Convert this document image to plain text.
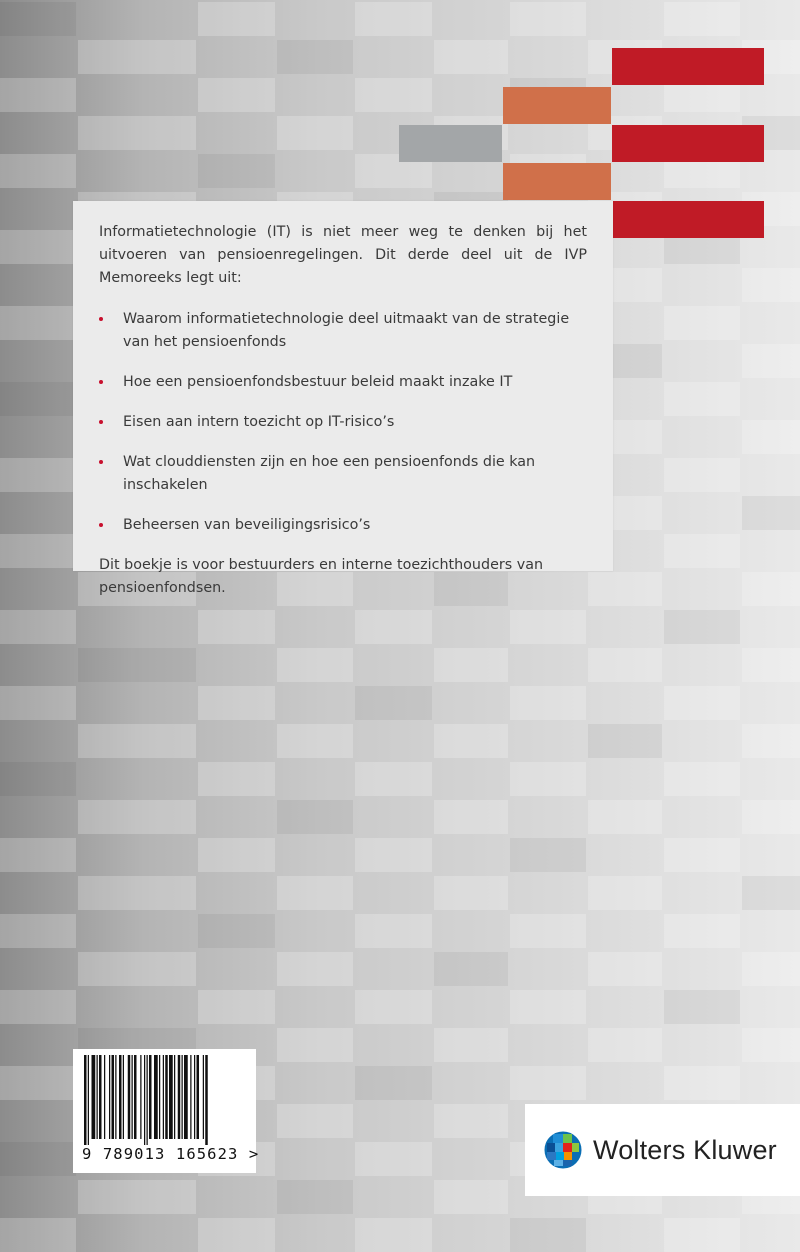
Informatietechnologie (IT) is niet meer weg te denken bij het uitvoeren van pensioenregelingen. Dit derde deel uit de IVP Memoreeks legt uit:

Waarom informatietechnologie deel uitmaakt van de strategie van het pensioenfonds
Hoe een pensioenfondsbestuur beleid maakt inzake IT
Eisen aan intern toezicht op IT-risico’s
Wat clouddiensten zijn en hoe een pensioenfonds die kan inschakelen
Beheersen van beveiligingsrisico’s

Dit boekje is voor bestuurders en interne toezichthouders van pensioenfondsen.

9 789013 165623 >	Wolters Kluwer
